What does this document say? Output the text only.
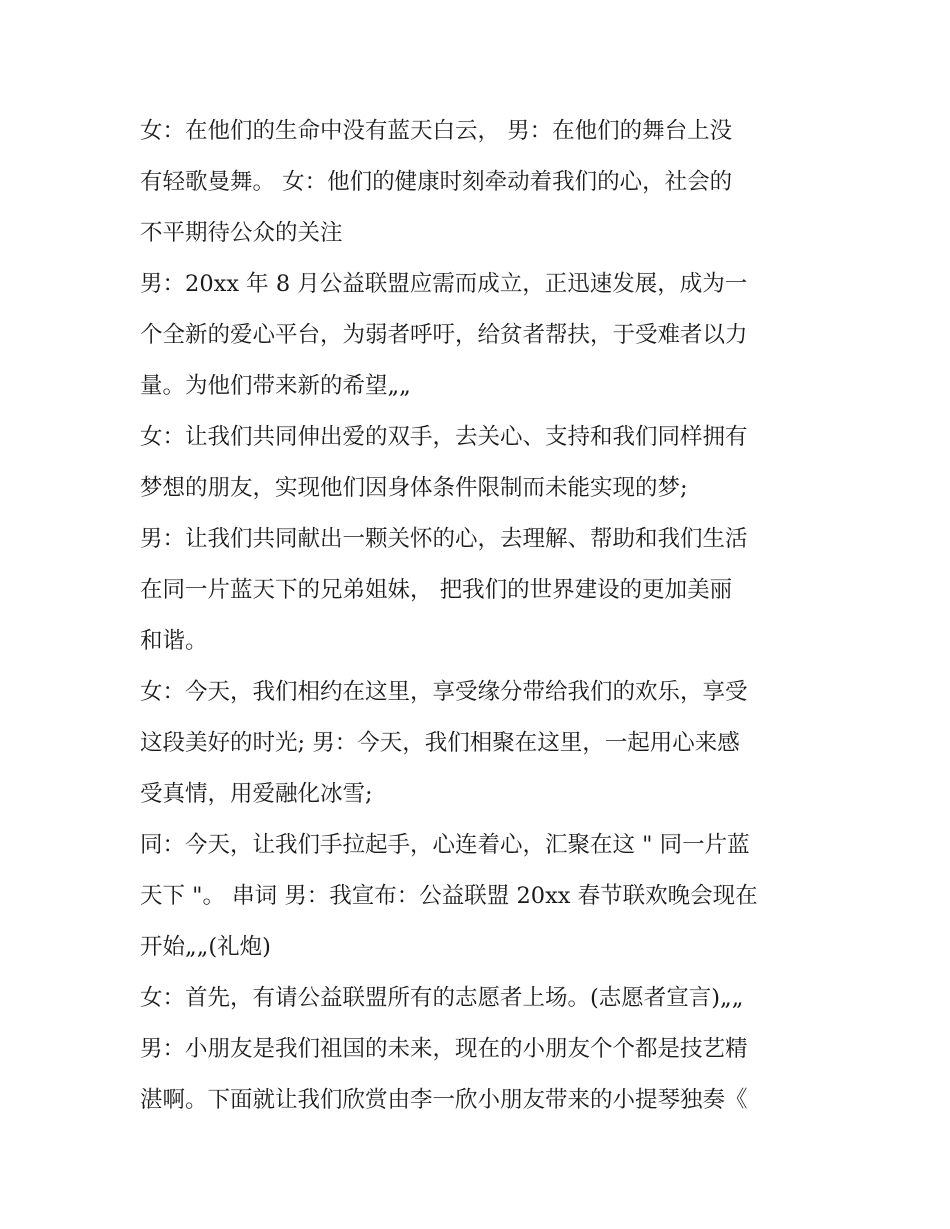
女：在他们的生命中没有蓝天白云， 男：在他们的舞台上没
有轻歌曼舞。 女：他们的健康时刻牵动着我们的心，社会的
不平期待公众的关注

男：20xx 年 8 月公益联盟应需而成立，正迅速发展，成为一
个全新的爱心平台，为弱者呼吁，给贫者帮扶，于受难者以力
量。为他们带来新的希望„„

女：让我们共同伸出爱的双手，去关心、支持和我们同样拥有
梦想的朋友，实现他们因身体条件限制而未能实现的梦;

男：让我们共同献出一颗关怀的心，去理解、帮助和我们生活
在同一片蓝天下的兄弟姐妹， 把我们的世界建设的更加美丽
和谐。

女：今天，我们相约在这里，享受缘分带给我们的欢乐，享受
这段美好的时光; 男：今天，我们相聚在这里，一起用心来感
受真情，用爱融化冰雪;

同：今天，让我们手拉起手，心连着心，汇聚在这 " 同一片蓝
天下 "。 串词 男：我宣布：公益联盟 20xx 春节联欢晚会现在
开始„„(礼炮)

女：首先，有请公益联盟所有的志愿者上场。(志愿者宣言)„„

男：小朋友是我们祖国的未来，现在的小朋友个个都是技艺精
湛啊。下面就让我们欣赏由李一欣小朋友带来的小提琴独奏《
